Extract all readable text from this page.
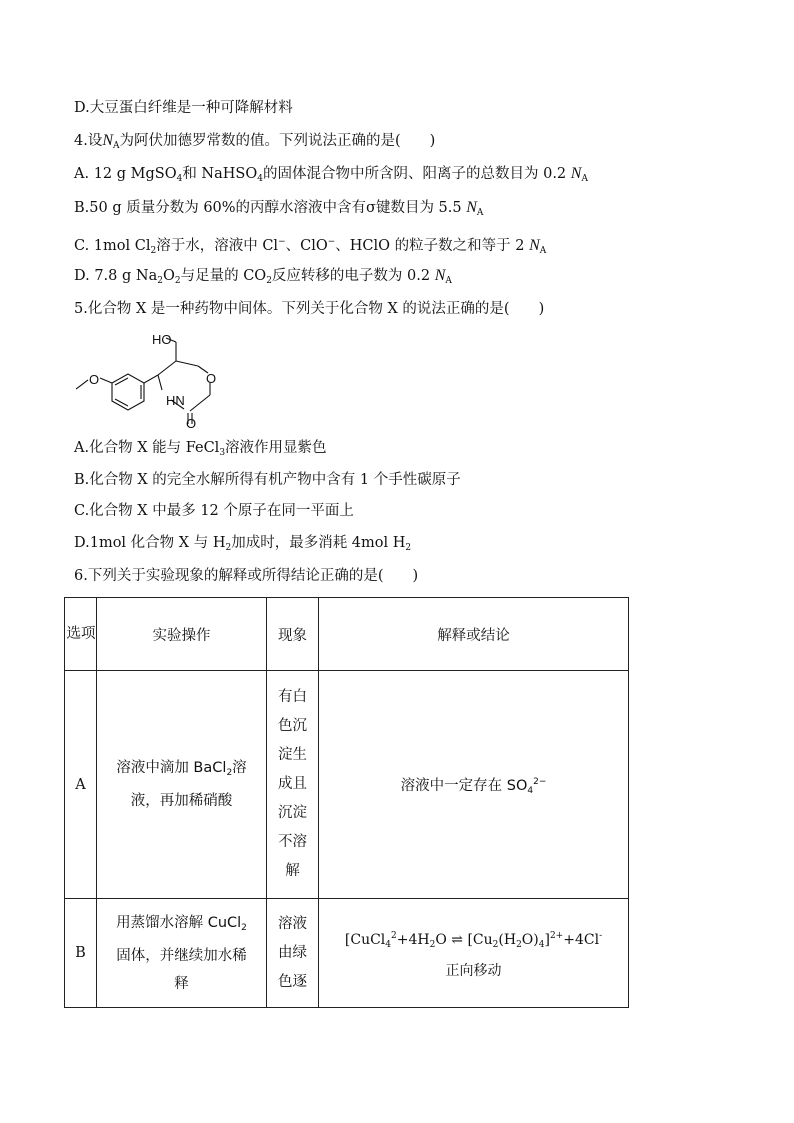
D.大豆蛋白纤维是一种可降解材料
4.设$N_A$为阿伏加德罗常数的值。下列说法正确的是(　　)
A. 12 g MgSO$_4$和 NaHSO$_4$的固体混合物中所含阴、阳离子的总数目为 0.2 $N_A$
B.50 g 质量分数为 60%的丙醇水溶液中含有σ键数目为 5.5 $N_A$
C. 1mol $Cl_2$溶于水，溶液中 Cl−、ClO−、HClO 的粒子数之和等于 2 $N_A$
D. 7.8 g $Na_2O_2$与足量的 $CO_2$反应转移的电子数为 0.2 $N_A$
5.化合物 X 是一种药物中间体。下列关于化合物 X 的说法正确的是(　　)
HO
O	O
HN
O
A.化合物 X 能与 FeCl$_3$溶液作用显紫色
B.化合物 X 的完全水解所得有机产物中含有 1 个手性碳原子
C.化合物 X 中最多 12 个原子在同一平面上
D.1mol 化合物 X 与 $H_2$加成时，最多消耗 4mol $H_2$
6.下列关于实验现象的解释或所得结论正确的是(　　)
选项	实验操作	现象	解释或结论
A	溶液中滴加 BaCl$_2$溶液，再加稀硝酸	有白色沉淀生成且沉淀不溶解	溶液中一定存在 $SO_4^{2-}$
B	用蒸馏水溶解 CuCl$_2$固体，并继续加水稀释	溶液由绿色逐	[$CuCl_4^2+4H_2O$ ⇌ $[Cu_2(H_2O)_4]^{2+}+4Cl^-$
正向移动
